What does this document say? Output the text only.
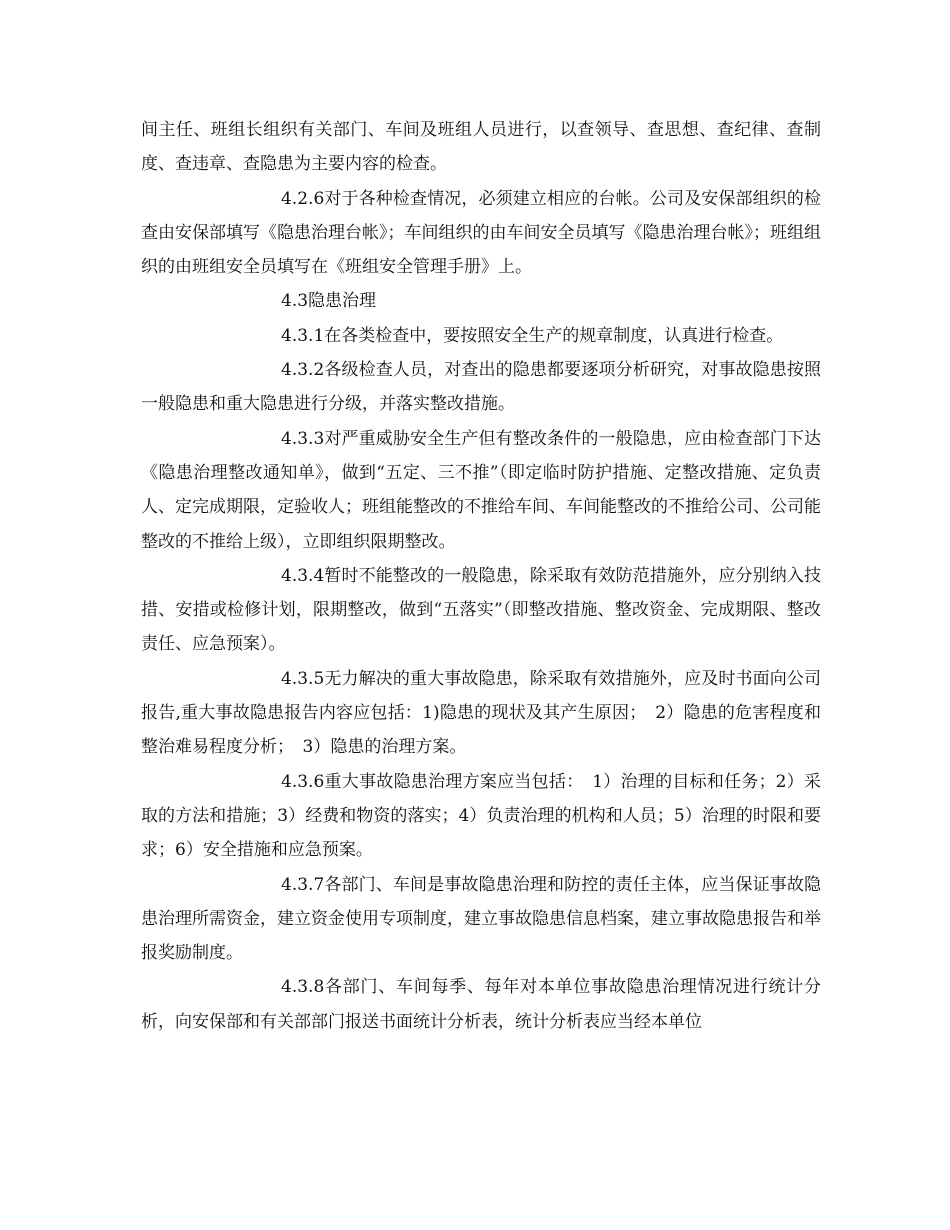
间主任、班组长组织有关部门、车间及班组人员进行，以查领导、查思想、查纪律、查制度、查违章、查隐患为主要内容的检查。

4.2.6对于各种检查情况，必须建立相应的台帐。公司及安保部组织的检查由安保部填写《隐患治理台帐》；车间组织的由车间安全员填写《隐患治理台帐》；班组组织的由班组安全员填写在《班组安全管理手册》上。

4.3隐患治理

4.3.1在各类检查中，要按照安全生产的规章制度，认真进行检查。

4.3.2各级检查人员，对查出的隐患都要逐项分析研究，对事故隐患按照一般隐患和重大隐患进行分级，并落实整改措施。

4.3.3对严重威胁安全生产但有整改条件的一般隐患，应由检查部门下达《隐患治理整改通知单》，做到“五定、三不推”（即定临时防护措施、定整改措施、定负责人、定完成期限，定验收人；班组能整改的不推给车间、车间能整改的不推给公司、公司能整改的不推给上级），立即组织限期整改。

4.3.4暂时不能整改的一般隐患，除采取有效防范措施外，应分别纳入技措、安措或检修计划，限期整改，做到“五落实”（即整改措施、整改资金、完成期限、整改责任、应急预案）。

4.3.5无力解决的重大事故隐患，除采取有效措施外，应及时书面向公司报告,重大事故隐患报告内容应包括：1)隐患的现状及其产生原因；　2）隐患的危害程度和整治难易程度分析；　3）隐患的治理方案。

4.3.6重大事故隐患治理方案应当包括：　1）治理的目标和任务；2）采取的方法和措施；3）经费和物资的落实；4）负责治理的机构和人员；5）治理的时限和要求；6）安全措施和应急预案。

4.3.7各部门、车间是事故隐患治理和防控的责任主体，应当保证事故隐患治理所需资金，建立资金使用专项制度，建立事故隐患信息档案，建立事故隐患报告和举报奖励制度。

4.3.8各部门、车间每季、每年对本单位事故隐患治理情况进行统计分析，向安保部和有关部部门报送书面统计分析表，统计分析表应当经本单位
